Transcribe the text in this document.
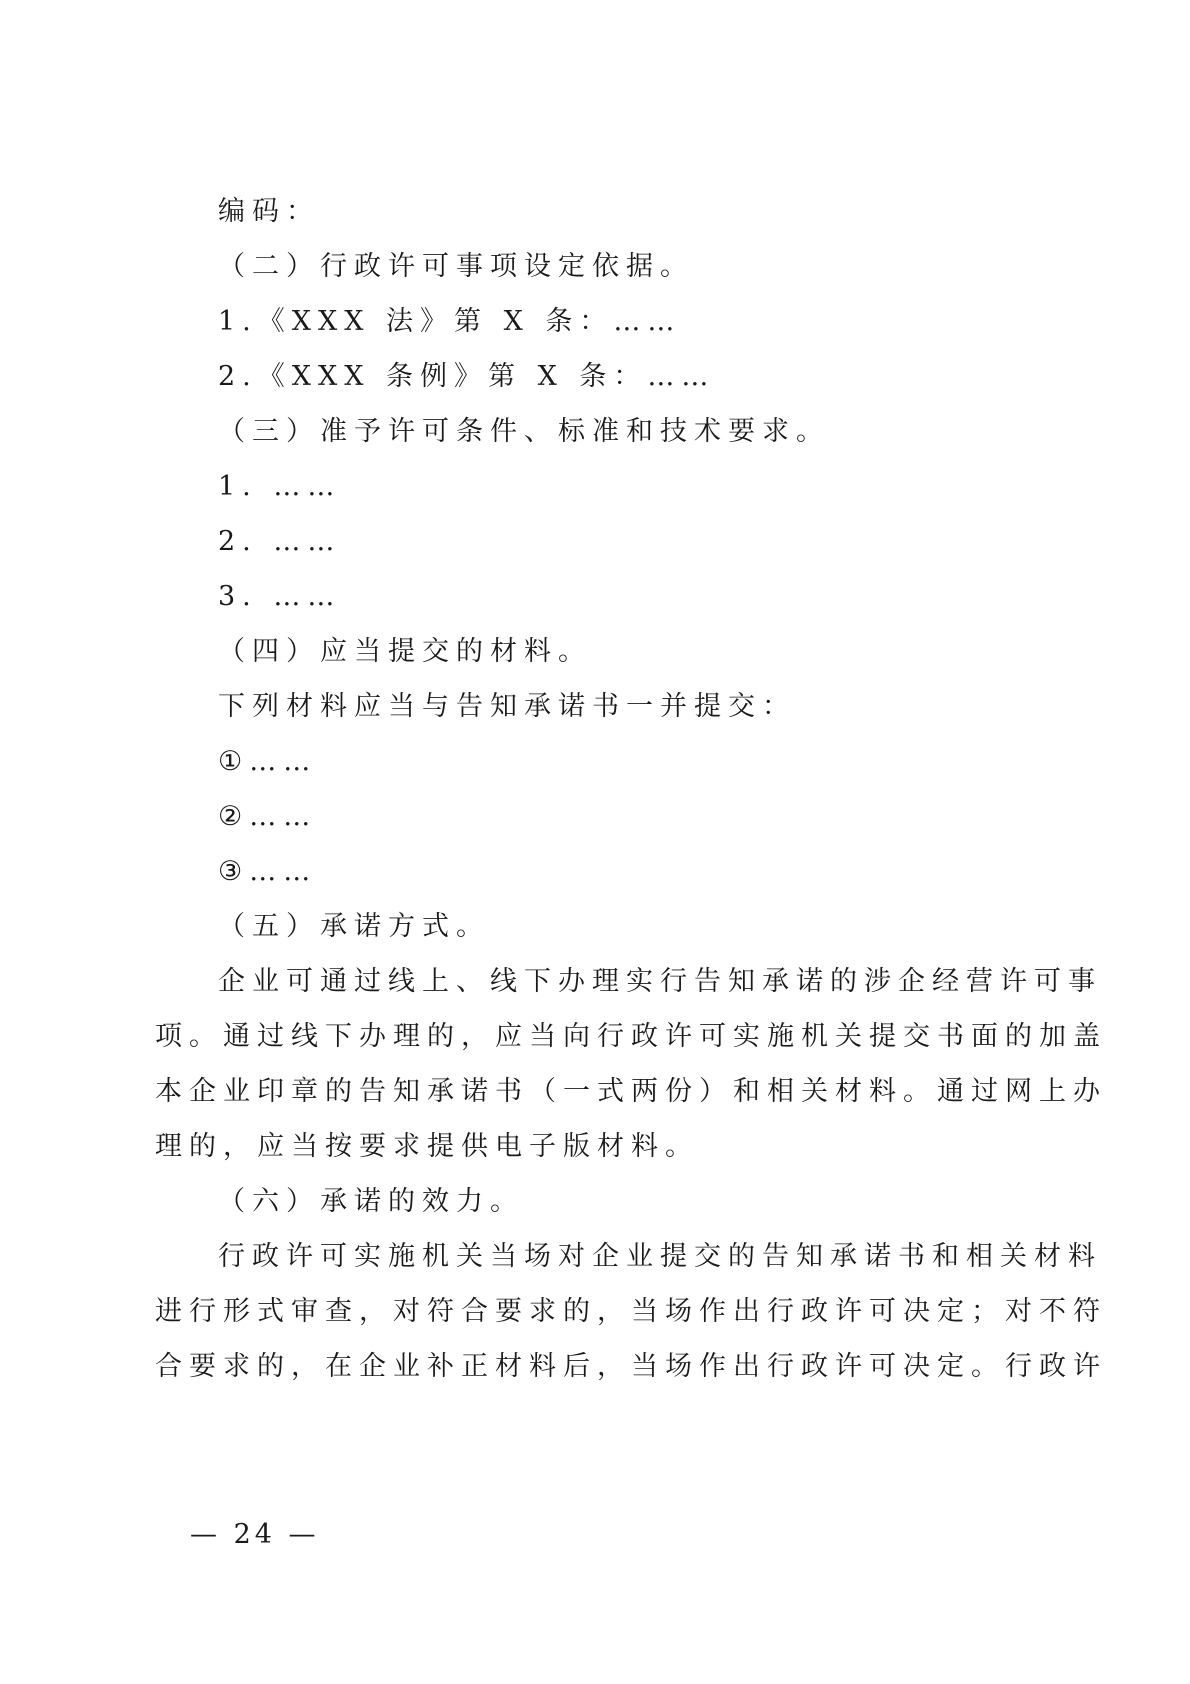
编码：
（二）行政许可事项设定依据。
1.《XXX 法》第 X 条：……
2.《XXX 条例》第 X 条：……
（三）准予许可条件、标准和技术要求。
1. ……
2. ……
3. ……
（四）应当提交的材料。
下列材料应当与告知承诺书一并提交：
①……
②……
③……
（五）承诺方式。
企业可通过线上、线下办理实行告知承诺的涉企经营许可事
项。通过线下办理的，应当向行政许可实施机关提交书面的加盖
本企业印章的告知承诺书（一式两份）和相关材料。通过网上办
理的，应当按要求提供电子版材料。
（六）承诺的效力。
行政许可实施机关当场对企业提交的告知承诺书和相关材料
进行形式审查，对符合要求的，当场作出行政许可决定；对不符
合要求的，在企业补正材料后，当场作出行政许可决定。行政许
— 24 —
